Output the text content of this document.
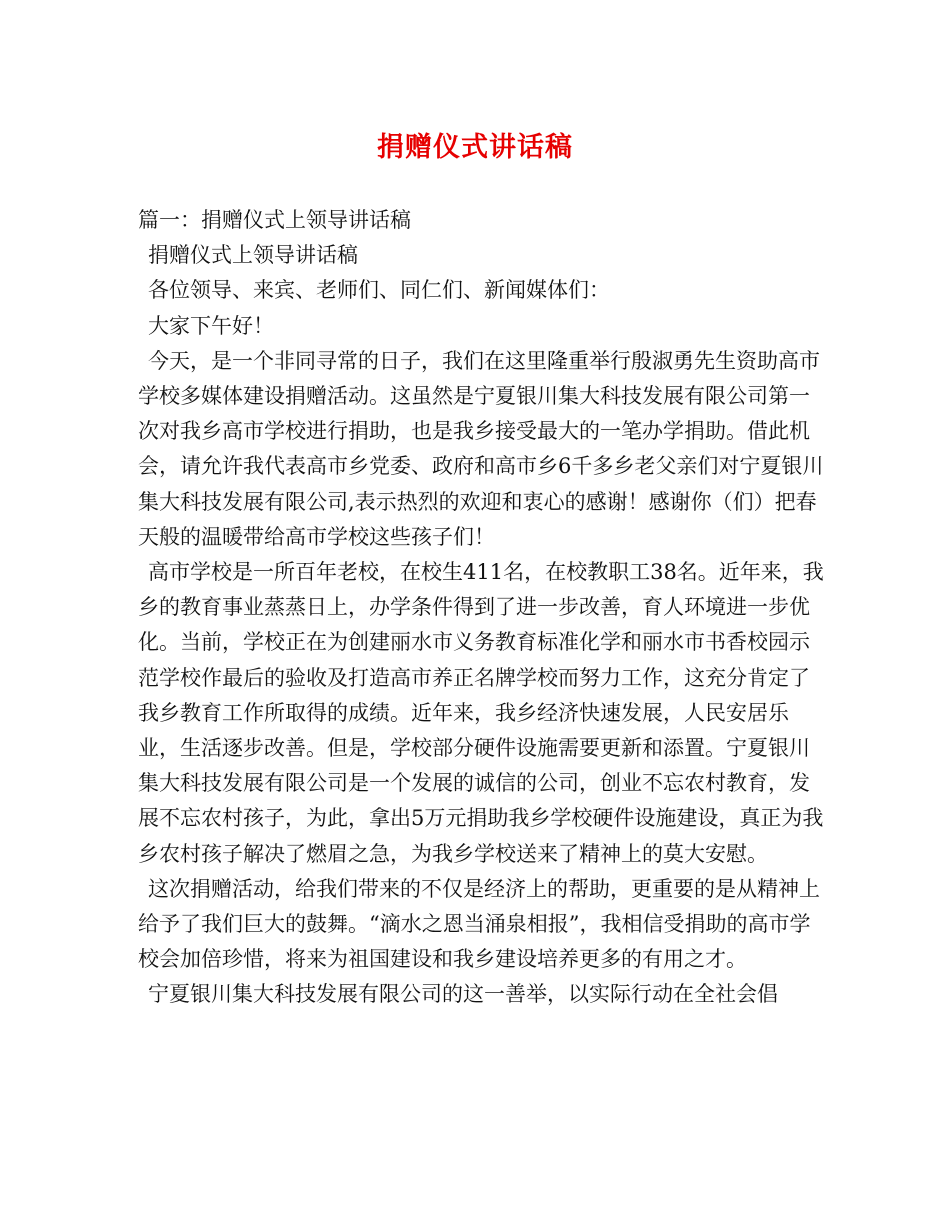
捐赠仪式讲话稿

篇一：捐赠仪式上领导讲话稿

捐赠仪式上领导讲话稿

各位领导、来宾、老师们、同仁们、新闻媒体们：

大家下午好！

今天，是一个非同寻常的日子，我们在这里隆重举行殷淑勇先生资助高市学校多媒体建设捐赠活动。这虽然是宁夏银川集大科技发展有限公司第一次对我乡高市学校进行捐助，也是我乡接受最大的一笔办学捐助。借此机会，请允许我代表高市乡党委、政府和高市乡6千多乡老父亲们对宁夏银川集大科技发展有限公司,表示热烈的欢迎和衷心的感谢！感谢你（们）把春天般的温暖带给高市学校这些孩子们！

高市学校是一所百年老校，在校生411名，在校教职工38名。近年来，我乡的教育事业蒸蒸日上，办学条件得到了进一步改善，育人环境进一步优化。当前，学校正在为创建丽水市义务教育标准化学和丽水市书香校园示范学校作最后的验收及打造高市养正名牌学校而努力工作，这充分肯定了我乡教育工作所取得的成绩。近年来，我乡经济快速发展，人民安居乐业，生活逐步改善。但是，学校部分硬件设施需要更新和添置。宁夏银川集大科技发展有限公司是一个发展的诚信的公司，创业不忘农村教育，发展不忘农村孩子，为此，拿出5万元捐助我乡学校硬件设施建设，真正为我乡农村孩子解决了燃眉之急，为我乡学校送来了精神上的莫大安慰。

这次捐赠活动，给我们带来的不仅是经济上的帮助，更重要的是从精神上给予了我们巨大的鼓舞。“滴水之恩当涌泉相报”，我相信受捐助的高市学校会加倍珍惜，将来为祖国建设和我乡建设培养更多的有用之才。

宁夏银川集大科技发展有限公司的这一善举，以实际行动在全社会倡
